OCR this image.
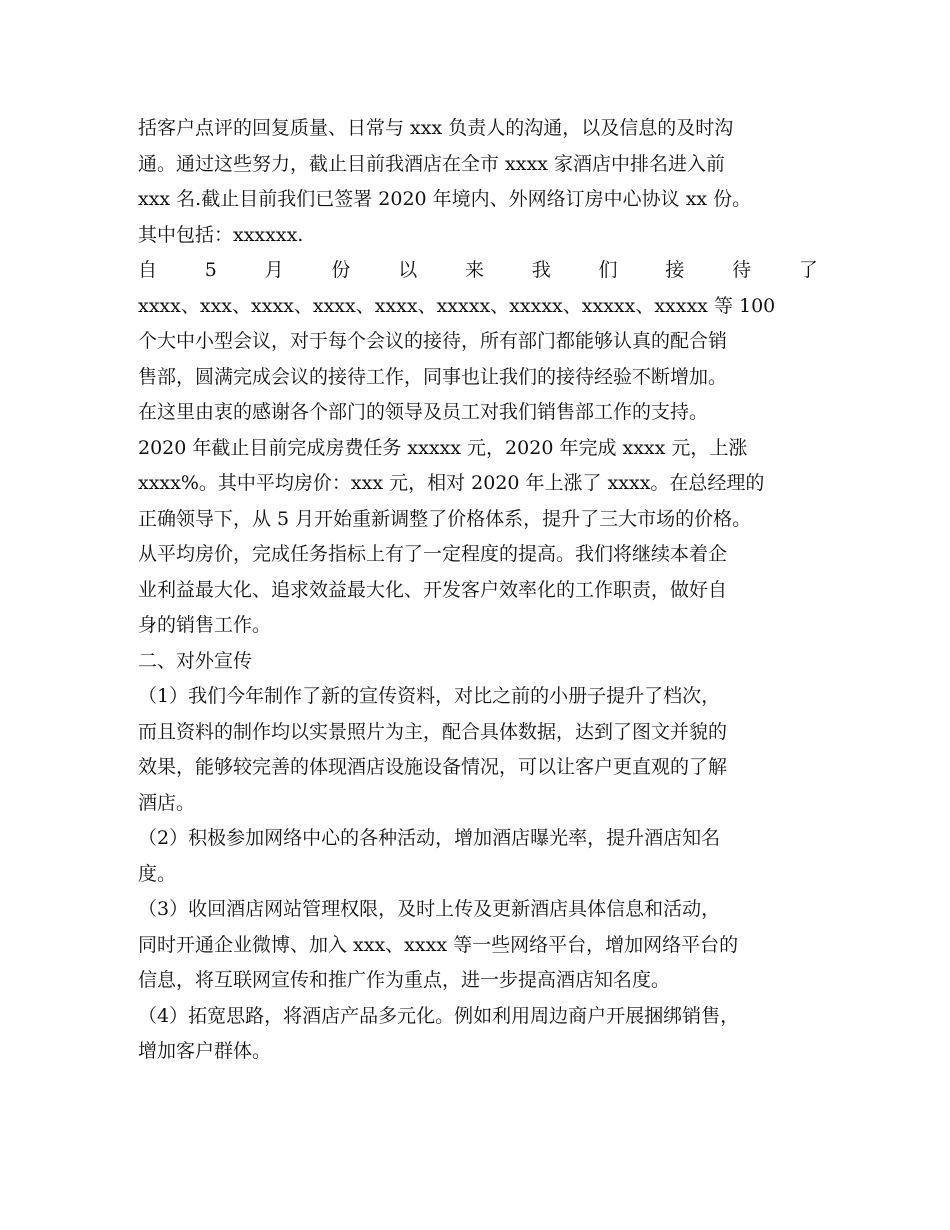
括客户点评的回复质量、日常与 xxx 负责人的沟通，以及信息的及时沟
通。通过这些努力，截止目前我酒店在全市 xxxx 家酒店中排名进入前
xxx 名.截止目前我们已签署 2020 年境内、外网络订房中心协议 xx 份。
其中包括：xxxxxx.
自	5	月	份	以	来	我	们	接	待	了
xxxx、xxx、xxxx、xxxx、xxxx、xxxxx、xxxxx、xxxxx、xxxxx 等 100
个大中小型会议，对于每个会议的接待，所有部门都能够认真的配合销
售部，圆满完成会议的接待工作，同事也让我们的接待经验不断增加。
在这里由衷的感谢各个部门的领导及员工对我们销售部工作的支持。
2020 年截止目前完成房费任务 xxxxx 元，2020 年完成 xxxx 元，上涨
xxxx%。其中平均房价：xxx 元，相对 2020 年上涨了 xxxx。在总经理的
正确领导下，从 5 月开始重新调整了价格体系，提升了三大市场的价格。
从平均房价，完成任务指标上有了一定程度的提高。我们将继续本着企
业利益最大化、追求效益最大化、开发客户效率化的工作职责，做好自
身的销售工作。
二、对外宣传
（1）我们今年制作了新的宣传资料，对比之前的小册子提升了档次，
而且资料的制作均以实景照片为主，配合具体数据，达到了图文并貌的
效果，能够较完善的体现酒店设施设备情况，可以让客户更直观的了解
酒店。
（2）积极参加网络中心的各种活动，增加酒店曝光率，提升酒店知名
度。
（3）收回酒店网站管理权限，及时上传及更新酒店具体信息和活动，
同时开通企业微博、加入 xxx、xxxx 等一些网络平台，增加网络平台的
信息，将互联网宣传和推广作为重点，进一步提高酒店知名度。
（4）拓宽思路，将酒店产品多元化。例如利用周边商户开展捆绑销售，
增加客户群体。
